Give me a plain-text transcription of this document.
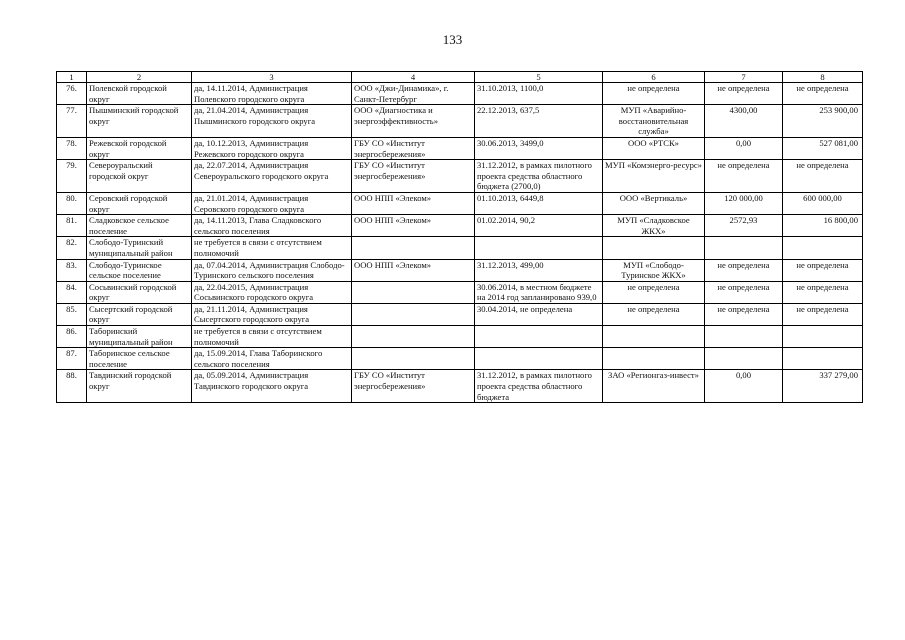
133
1	2	3	4	5	6	7	8
76.	Полевской городской округ	да, 14.11.2014, Администрация Полевского городского округа	ООО «Джи-Динамика», г. Санкт-Петербург	31.10.2013, 1100,0	не определена	не определена	не определена
77.	Пышминский городской округ	да, 21.04.2014, Администрация Пышминского городского округа	ООО «Диагностика и энергоэффективность»	22.12.2013, 637,5	МУП «Аварийно-восстановительная служба»	4300,00	253 900,00
78.	Режевской городской округ	да, 10.12.2013, Администрация Режевского городского округа	ГБУ СО «Институт энергосбережения»	30.06.2013, 3499,0	ООО «РТСК»	0,00	527 081,00
79.	Североуральский городской округ	да, 22.07.2014, Администрация Североуральского городского округа	ГБУ СО «Институт энергосбережения»	31.12.2012, в рамках пилотного проекта средства областного бюджета (2700,0)	МУП «Комэнерго-ресурс»	не определена	не определена
80.	Серовский городской округ	да, 21.01.2014, Администрация Серовского городского округа	ООО НПП «Элеком»	01.10.2013, 6449,8	ООО «Вертикаль»	120 000,00	600 000,00
81.	Сладковское сельское поселение	да, 14.11.2013, Глава Сладковского сельского поселения	ООО НПП «Элеком»	01.02.2014, 90,2	МУП «Сладковское ЖКХ»	2572,93	16 800,00
82.	Слободо-Туринский муниципальный район	не требуется в связи с отсутствием полномочий					
83.	Слободо-Туринское сельское поселение	да, 07.04.2014, Администрация Слободо-Туринского сельского поселения	ООО НПП «Элеком»	31.12.2013, 499,00	МУП «Слободо-Туринское ЖКХ»	не определена	не определена
84.	Сосьвинский городской округ	да, 22.04.2015, Администрация Сосьвинского городского округа		30.06.2014, в местном бюджете на 2014 год запланировано 939,0	не определена	не определена	не определена
85.	Сысертский городской округ	да, 21.11.2014, Администрация Сысертского городского округа		30.04.2014, не определена	не определена	не определена	не определена
86.	Таборинский муниципальный район	не требуется в связи с отсутствием полномочий					
87.	Таборинское сельское поселение	да, 15.09.2014, Глава Таборинского сельского поселения					
88.	Тавдинский городской округ	да, 05.09.2014, Администрация Тавдинского городского округа	ГБУ СО «Институт энергосбережения»	31.12.2012, в рамках пилотного проекта средства областного бюджета	ЗАО «Регионгаз-инвест»	0,00	337 279,00
